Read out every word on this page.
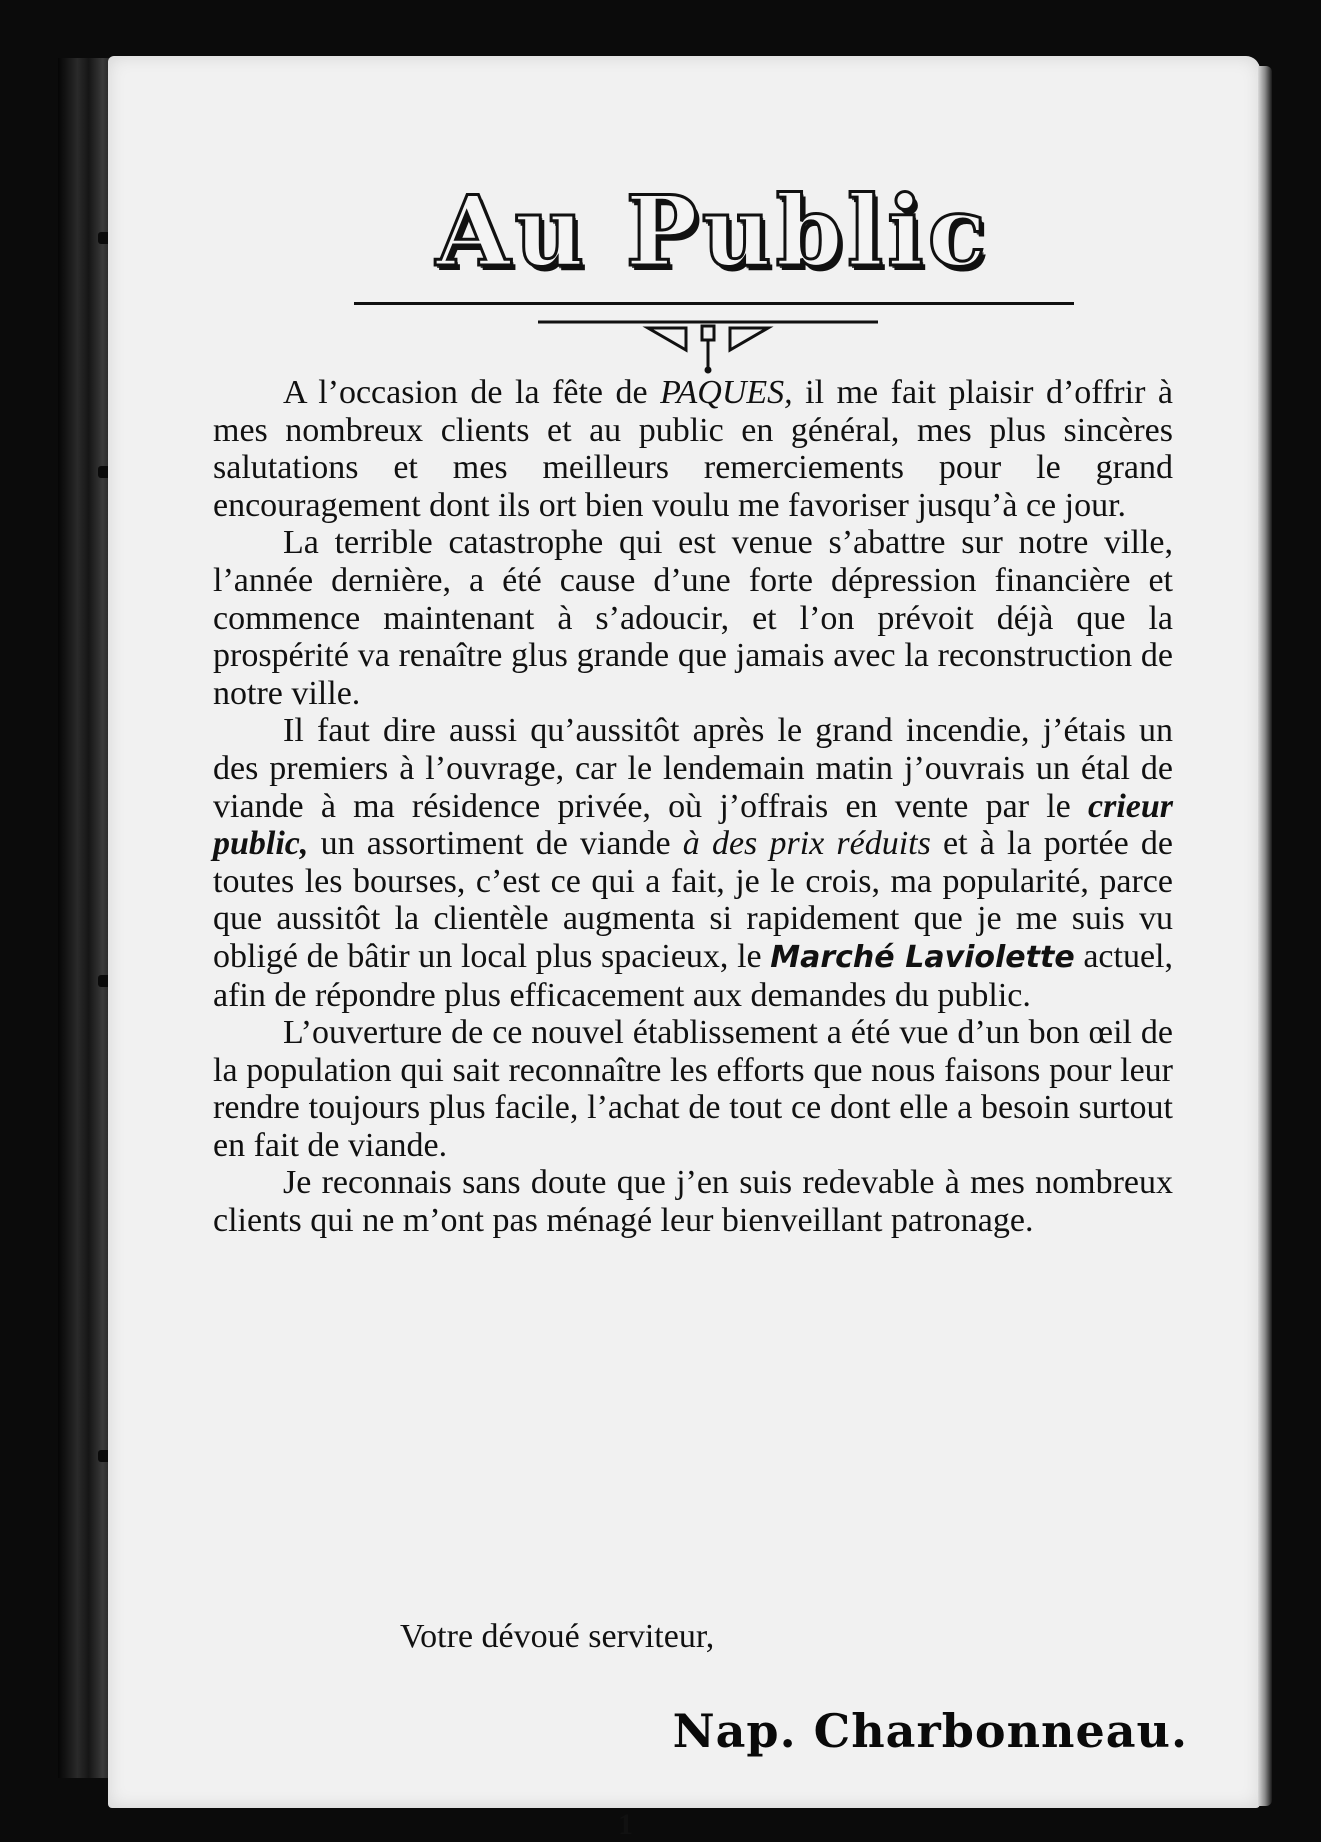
Au Public

A l’occasion de la fête de PAQUES, il me fait plaisir d’offrir à mes nombreux clients et au public en général, mes plus sincères salutations et mes meilleurs remerciements pour le grand encouragement dont ils ort bien voulu me favoriser jusqu’à ce jour.

La terrible catastrophe qui est venue s’abattre sur notre ville, l’année dernière, a été cause d’une forte dépression financière et commence maintenant à s’adoucir, et l’on prévoit déjà que la prospérité va renaître glus grande que jamais avec la reconstruction de notre ville.

Il faut dire aussi qu’aussitôt après le grand incendie, j’étais un des premiers à l’ouvrage, car le lendemain matin j’ouvrais un étal de viande à ma résidence privée, où j’offrais en vente par le crieur public, un assortiment de viande à des prix réduits et à la portée de toutes les bourses, c’est ce qui a fait, je le crois, ma popularité, parce que aussitôt la clientèle augmenta si rapidement que je me suis vu obligé de bâtir un local plus spacieux, le Marché Laviolette actuel, afin de répondre plus efficacement aux demandes du public.

L’ouverture de ce nouvel établissement a été vue d’un bon œil de la population qui sait reconnaître les efforts que nous faisons pour leur rendre toujours plus facile, l’achat de tout ce dont elle a besoin surtout en fait de viande.

Je reconnais sans doute que j’en suis redevable à mes nombreux clients qui ne m’ont pas ménagé leur bienveillant patronage.

Votre dévoué serviteur,
Nap. Charbonneau.
1
